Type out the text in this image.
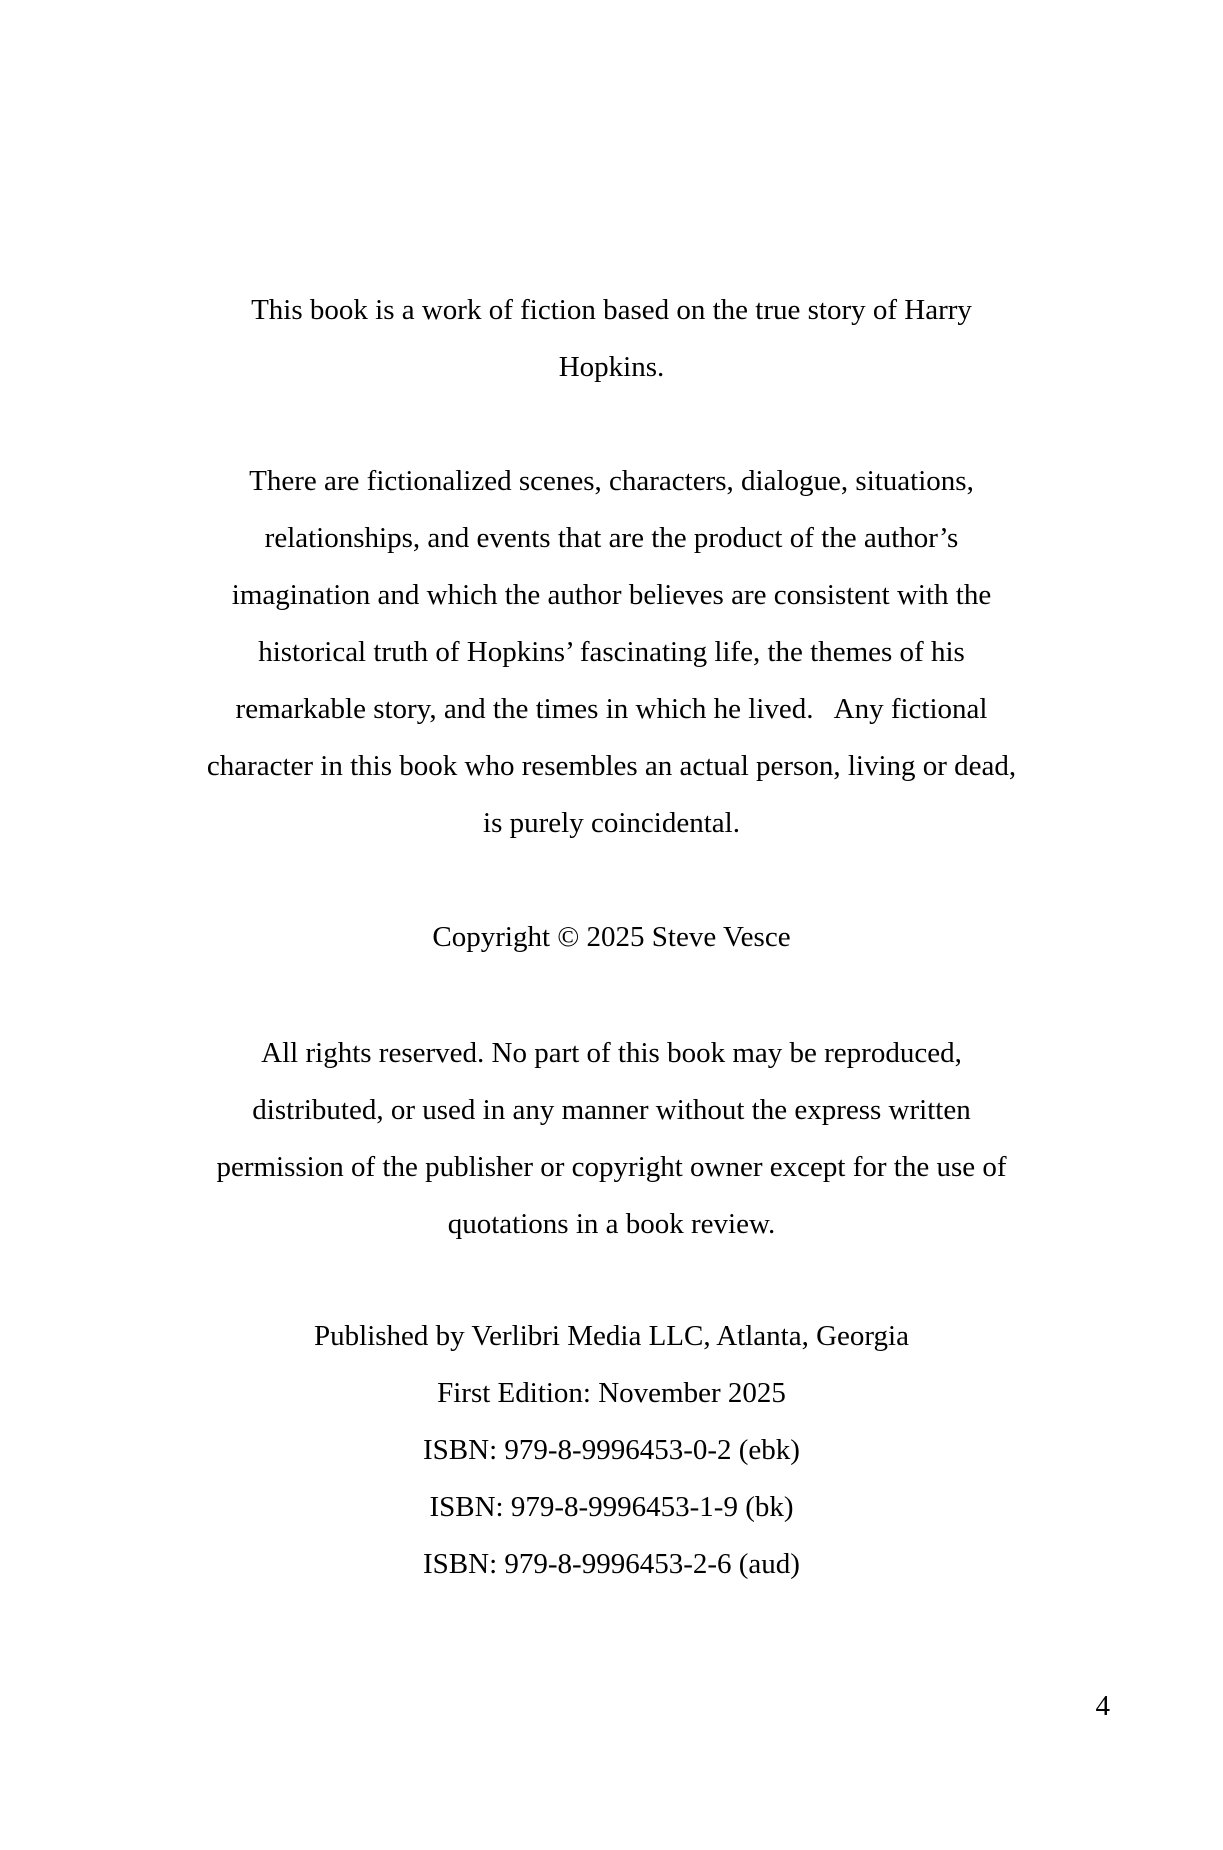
This book is a work of fiction based on the true story of Harry
Hopkins.
There are fictionalized scenes, characters, dialogue, situations,
relationships, and events that are the product of the author’s
imagination and which the author believes are consistent with the
historical truth of Hopkins’ fascinating life, the themes of his
remarkable story, and the times in which he lived.   Any fictional
character in this book who resembles an actual person, living or dead,
is purely coincidental.
Copyright © 2025 Steve Vesce
All rights reserved. No part of this book may be reproduced,
distributed, or used in any manner without the express written
permission of the publisher or copyright owner except for the use of
quotations in a book review.
Published by Verlibri Media LLC, Atlanta, Georgia
First Edition: November 2025
ISBN: 979-8-9996453-0-2 (ebk)
ISBN: 979-8-9996453-1-9 (bk)
ISBN: 979-8-9996453-2-6 (aud)
4
